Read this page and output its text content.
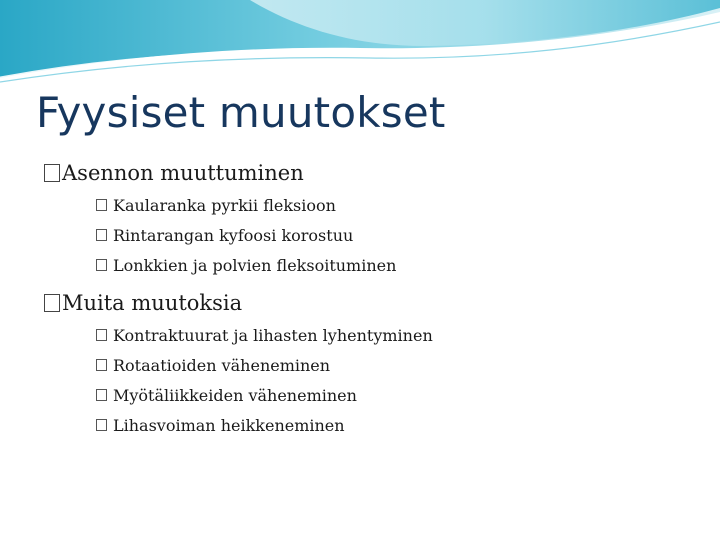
Fyysiset muutokset
Asennon muuttuminen
Kaularanka pyrkii fleksioon
Rintarangan kyfoosi korostuu
Lonkkien ja polvien fleksoituminen
Muita muutoksia
Kontraktuurat ja lihasten lyhentyminen
Rotaatioiden väheneminen
Myötäliikkeiden väheneminen
Lihasvoiman heikkeneminen
